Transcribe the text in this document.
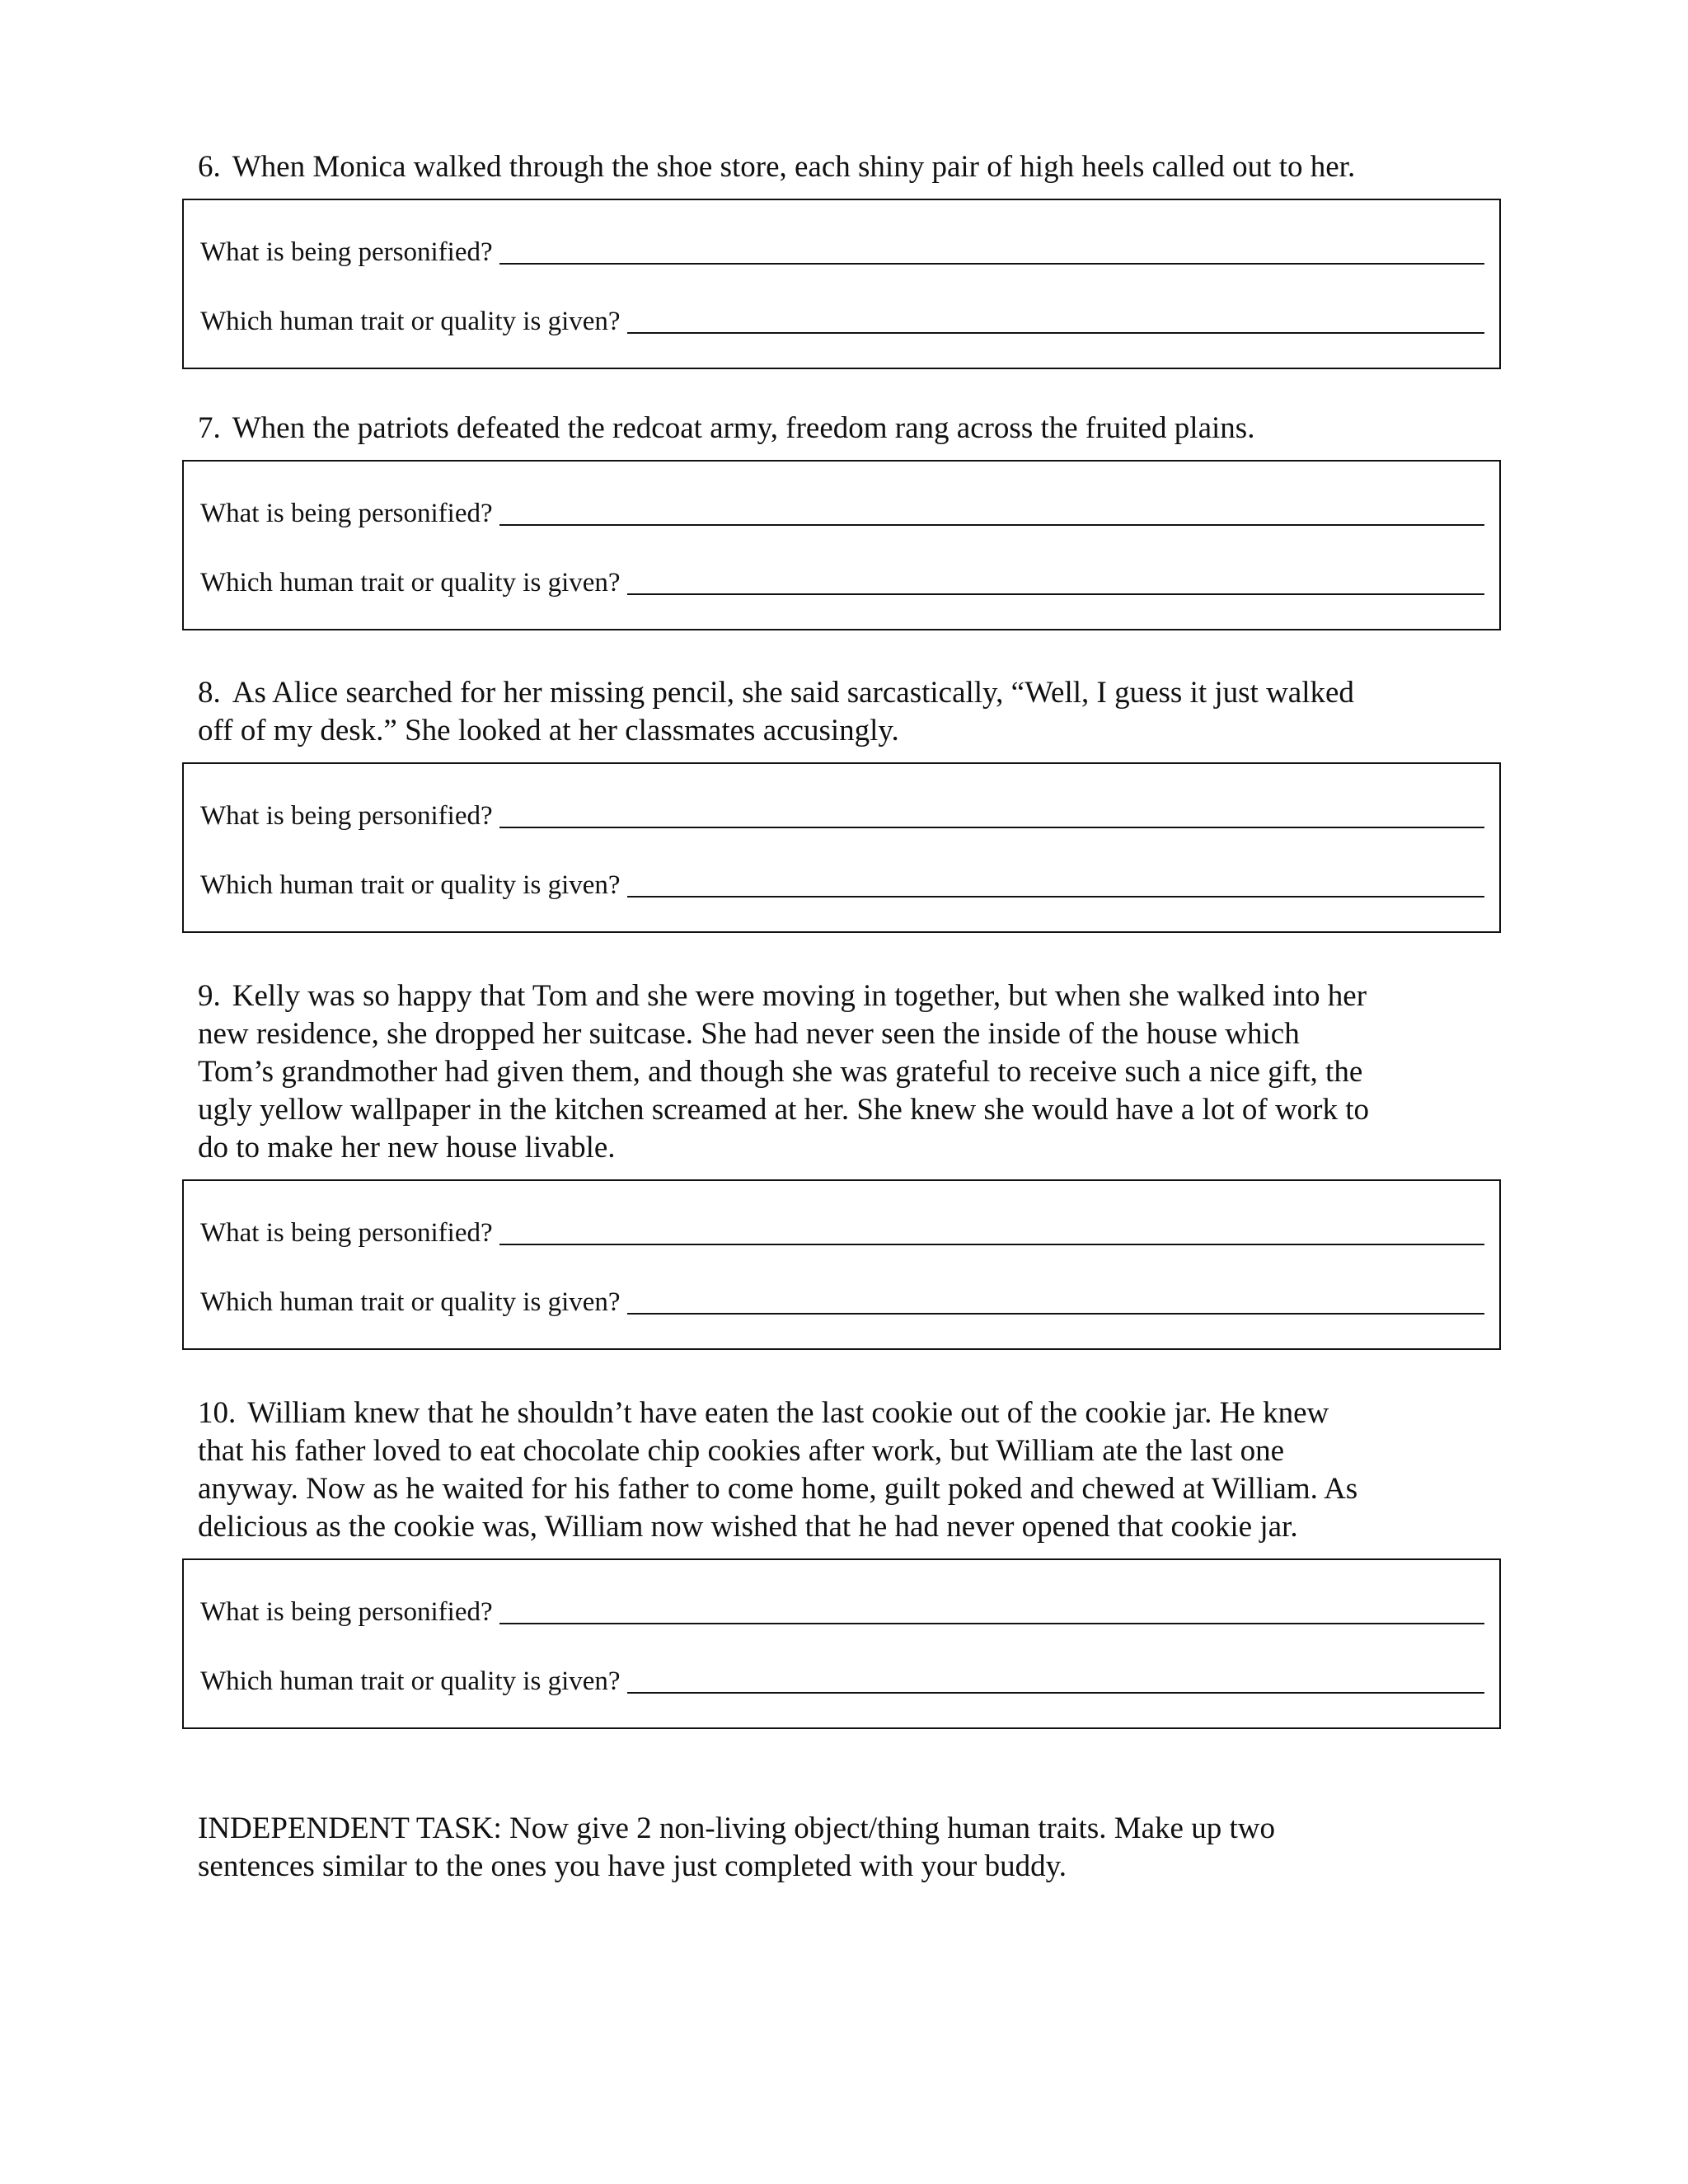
6. When Monica walked through the shoe store, each shiny pair of high heels called out to her.

What is being personified?
Which human trait or quality is given?

7. When the patriots defeated the redcoat army, freedom rang across the fruited plains.

What is being personified?
Which human trait or quality is given?

8. As Alice searched for her missing pencil, she said sarcastically, “Well, I guess it just walked
off of my desk.” She looked at her classmates accusingly.

What is being personified?
Which human trait or quality is given?

9. Kelly was so happy that Tom and she were moving in together, but when she walked into her
new residence, she dropped her suitcase. She had never seen the inside of the house which
Tom’s grandmother had given them, and though she was grateful to receive such a nice gift, the
ugly yellow wallpaper in the kitchen screamed at her. She knew she would have a lot of work to
do to make her new house livable.

What is being personified?
Which human trait or quality is given?

10. William knew that he shouldn’t have eaten the last cookie out of the cookie jar. He knew
that his father loved to eat chocolate chip cookies after work, but William ate the last one
anyway. Now as he waited for his father to come home, guilt poked and chewed at William. As
delicious as the cookie was, William now wished that he had never opened that cookie jar.

What is being personified?
Which human trait or quality is given?

INDEPENDENT TASK: Now give 2 non-living object/thing human traits. Make up two
sentences similar to the ones you have just completed with your buddy.
